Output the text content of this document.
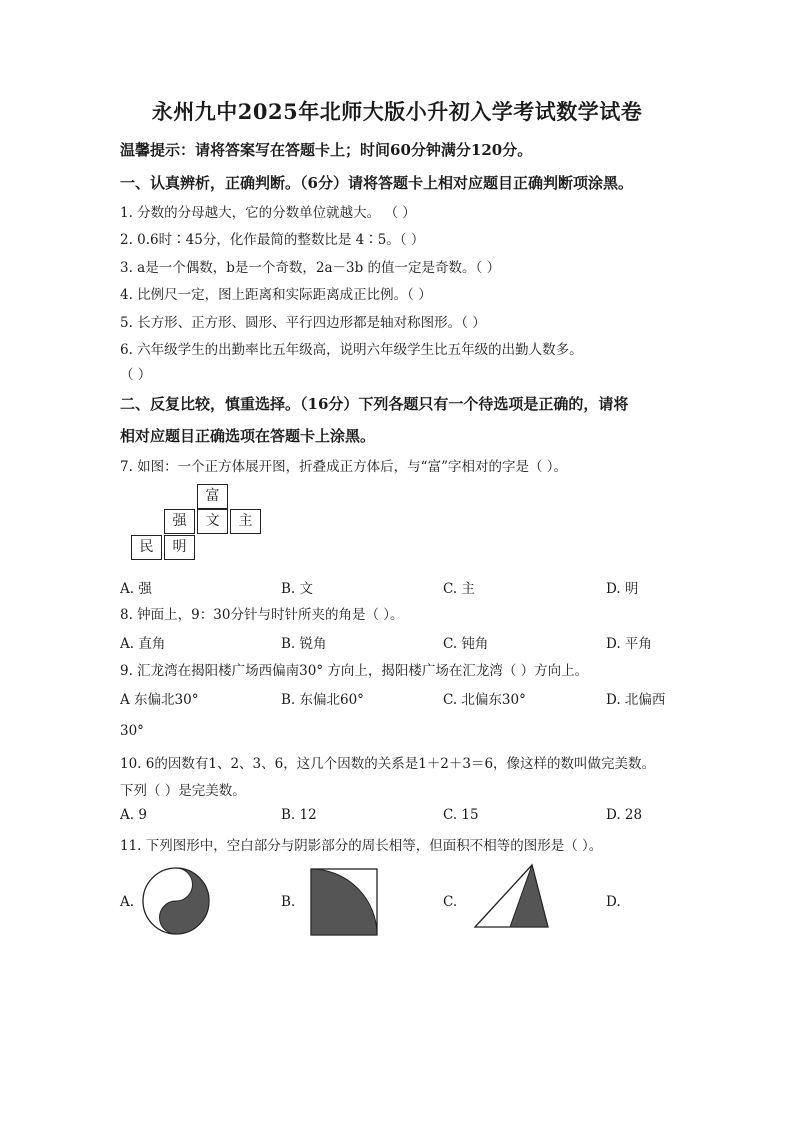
永州九中2025年北师大版小升初入学考试数学试卷
温馨提示：请将答案写在答题卡上；时间60分钟满分120分。
一、认真辨析，正确判断。（6分）请将答题卡上相对应题目正确判断项涂黑。
1. 分数的分母越大，它的分数单位就越大。 （ ）
2. 0.6时∶45分，化作最简的整数比是 4∶5。（ ）
3. a是一个偶数，b是一个奇数，2a－3b 的值一定是奇数。（ ）
4. 比例尺一定，图上距离和实际距离成正比例。（ ）
5. 长方形、正方形、圆形、平行四边形都是轴对称图形。（ ）
6. 六年级学生的出勤率比五年级高，说明六年级学生比五年级的出勤人数多。
（ ）
二、反复比较，慎重选择。（16分）下列各题只有一个待选项是正确的，请将
相对应题目正确选项在答题卡上涂黑。
7. 如图：一个正方体展开图，折叠成正方体后，与“富”字相对的字是（ ）。
富
强	文	主
民	明
A. 强	B. 文	C. 主	D. 明
8. 钟面上，9：30分针与时针所夹的角是（ ）。
A. 直角	B. 锐角	C. 钝角	D. 平角
9. 汇龙湾在揭阳楼广场西偏南30° 方向上，揭阳楼广场在汇龙湾（ ）方向上。
A 东偏北30°	B. 东偏北60°	C. 北偏东30°	D. 北偏西
30°
10. 6的因数有1、2、3、6，这几个因数的关系是1＋2＋3＝6，像这样的数叫做完美数。
下列（ ）是完美数。
A. 9	B. 12	C. 15	D. 28
11. 下列图形中，空白部分与阴影部分的周长相等，但面积不相等的图形是（ ）。
A.	B.	C.	D.
